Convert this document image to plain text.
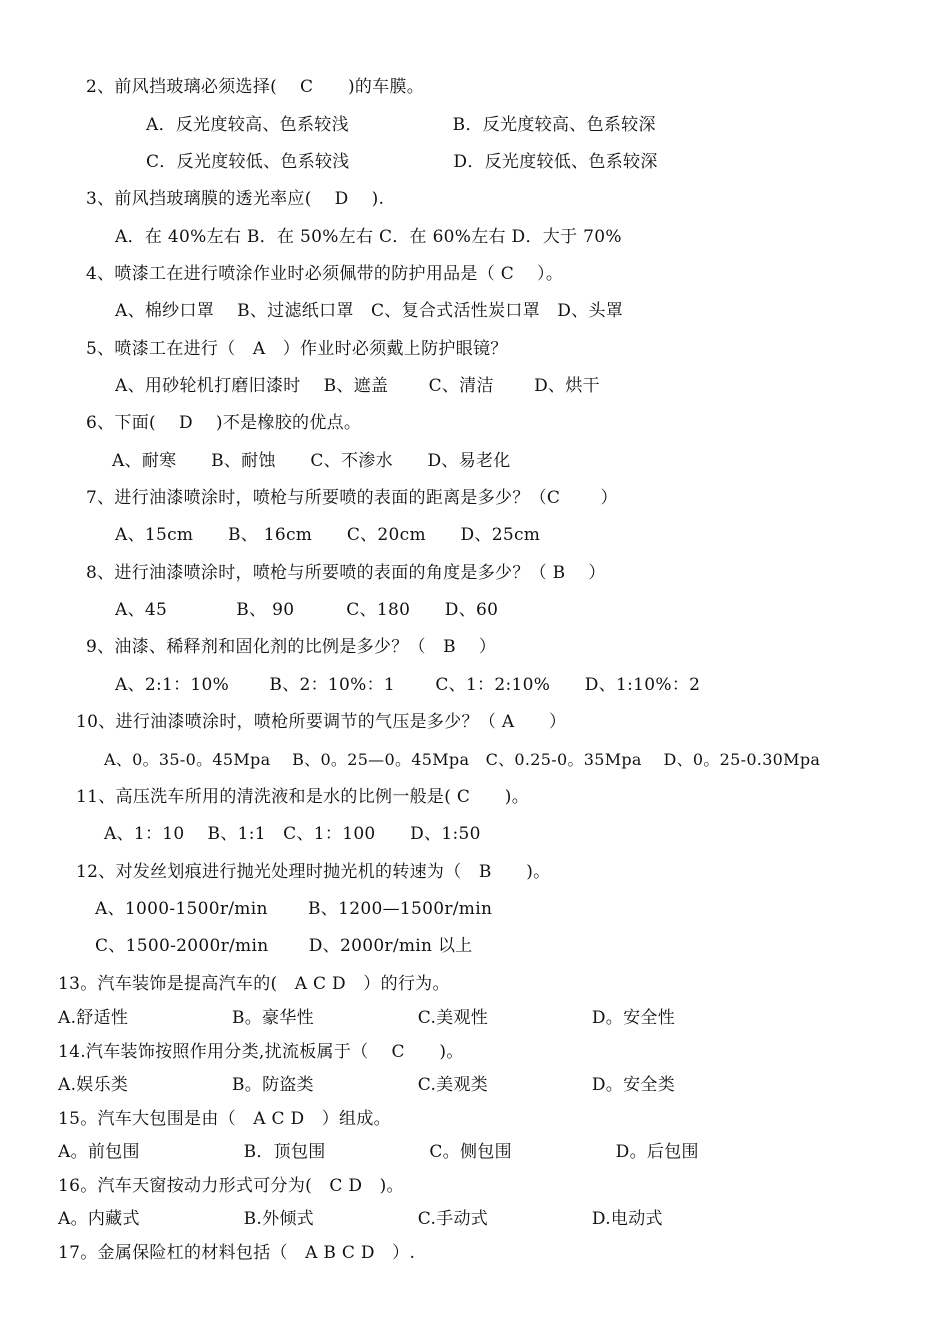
2、前风挡玻璃必须选择(　 C　　)的车膜。
A．反光度较高、色系较浅　　　　　　B．反光度较高、色系较深
C．反光度较低、色系较浅　　　　　　D．反光度较低、色系较深
3、前风挡玻璃膜的透光率应( 　D　 ).
A．在 40%左右 B．在 50%左右 C．在 60%左右 D．大于 70%
4、喷漆工在进行喷涂作业时必须佩带的防护用品是（ C　 ）。
A、棉纱口罩　 B、过滤纸口罩　C、复合式活性炭口罩　D、头罩
5、喷漆工在进行（　A　）作业时必须戴上防护眼镜？
A、用砂轮机打磨旧漆时　 B、遮盖　　 C、清洁　　 D、烘干
6、下面(　 D　 )不是橡胶的优点。
A、耐寒　　B、耐蚀　　C、不渗水　　D、易老化
7、进行油漆喷涂时，喷枪与所要喷的表面的距离是多少？（C　　 ）
A、15cm　　B、 16cm　　C、20cm　　D、25cm
8、进行油漆喷涂时，喷枪与所要喷的表面的角度是多少？（ B　 ）
A、45　　　　B、 90　　　C、180　　D、60
9、油漆、稀释剂和固化剂的比例是多少？（　B　 ）
A、2:1：10%　　 B、2：10%：1　　 C、1：2:10%　　D、1:10%：2
10、进行油漆喷涂时，喷枪所要调节的气压是多少？（ A　　）
A、0。35-0。45Mpa　 B、0。25—0。45Mpa　C、0.25-0。35Mpa　 D、0。25-0.30Mpa
11、高压洗车所用的清洗液和是水的比例一般是( C　　)。
A、1：10　 B、1:1　C、1：100　　D、1:50
12、对发丝划痕进行抛光处理时抛光机的转速为（　B　　)。
A、1000-1500r/min　　 B、1200—1500r/min
C、1500-2000r/min　　 D、2000r/min 以上
13。汽车装饰是提高汽车的(　A C D　）的行为。
A.舒适性　　　　　　B。豪华性　　　　　　C.美观性　　　　　　D。安全性
14.汽车装饰按照作用分类,扰流板属于（　 C　　)。
A.娱乐类　　　　　　B。防盗类　　　　　　C.美观类　　　　　　D。安全类
15。汽车大包围是由（　A C D　）组成。
A。前包围　　　　　　B．顶包围　　　　　　C。侧包围　　　　　　D。后包围
16。汽车天窗按动力形式可分为(　C D　)。
A。内藏式　　　　　　B.外倾式　　　　　　C.手动式　　　　　　D.电动式
17。金属保险杠的材料包括（　A B C D　）.
